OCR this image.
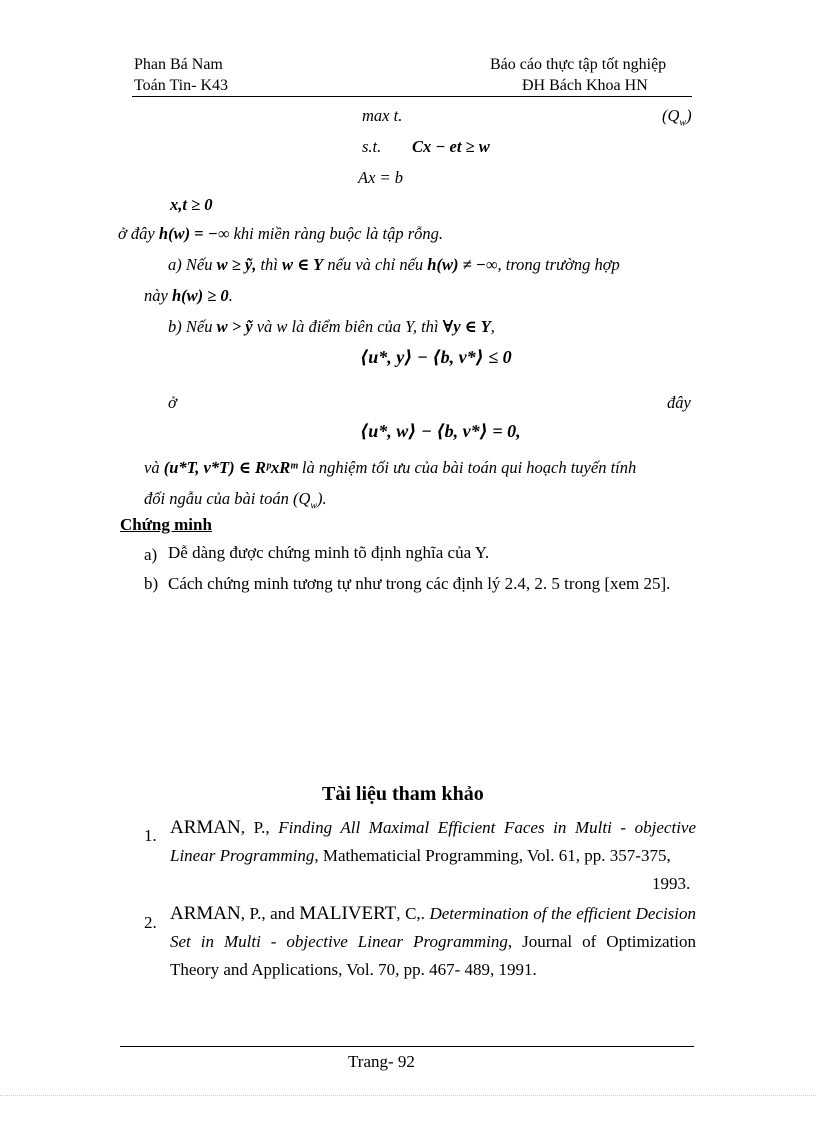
Phan Bá Nam
Toán Tin- K43
Báo cáo thực tập tốt nghiệp
ĐH Bách Khoa HN
max t.	$(Q_w)$
s.t. Cx − et ≥ w
Ax = b
x,t ≥ 0
ở đây h(w) = −∞ khi miền ràng buộc là tập rỗng.
a) Nếu w ≥ ỹ, thì w ∈ Y nếu và chỉ nếu h(w) ≠ −∞, trong trường hợp
này h(w) ≥ 0.
b) Nếu w > ỹ và w là điểm biên của Y, thì ∀y ∈ Y,
⟨u*, y⟩ − ⟨b, v*⟩ ≤ 0
ở	đây
⟨u*, w⟩ − ⟨b, v*⟩ = 0,
và (u*T, v*T) ∈ RᵖxRᵐ là nghiệm tối ưu của bài toán qui hoạch tuyến tính
đối ngẫu của bài toán $(Q_w)$.
Chứng minh
a) Dễ dàng được chứng minh tõ định nghĩa của Y.
b) Cách chứng minh tương tự như trong các định lý 2.4, 2. 5 trong [xem 25].
Tài liệu tham khảo
1. ARMAN, P., Finding All Maximal Efficient Faces in Multi - objective Linear Programming, Mathematicial Programming, Vol. 61, pp. 357-375,
1993.
2. ARMAN, P., and MALIVERT, C,. Determination of the efficient Decision Set in Multi - objective Linear Programming, Journal of Optimization Theory and Applications, Vol. 70, pp. 467- 489, 1991.
Trang- 92
